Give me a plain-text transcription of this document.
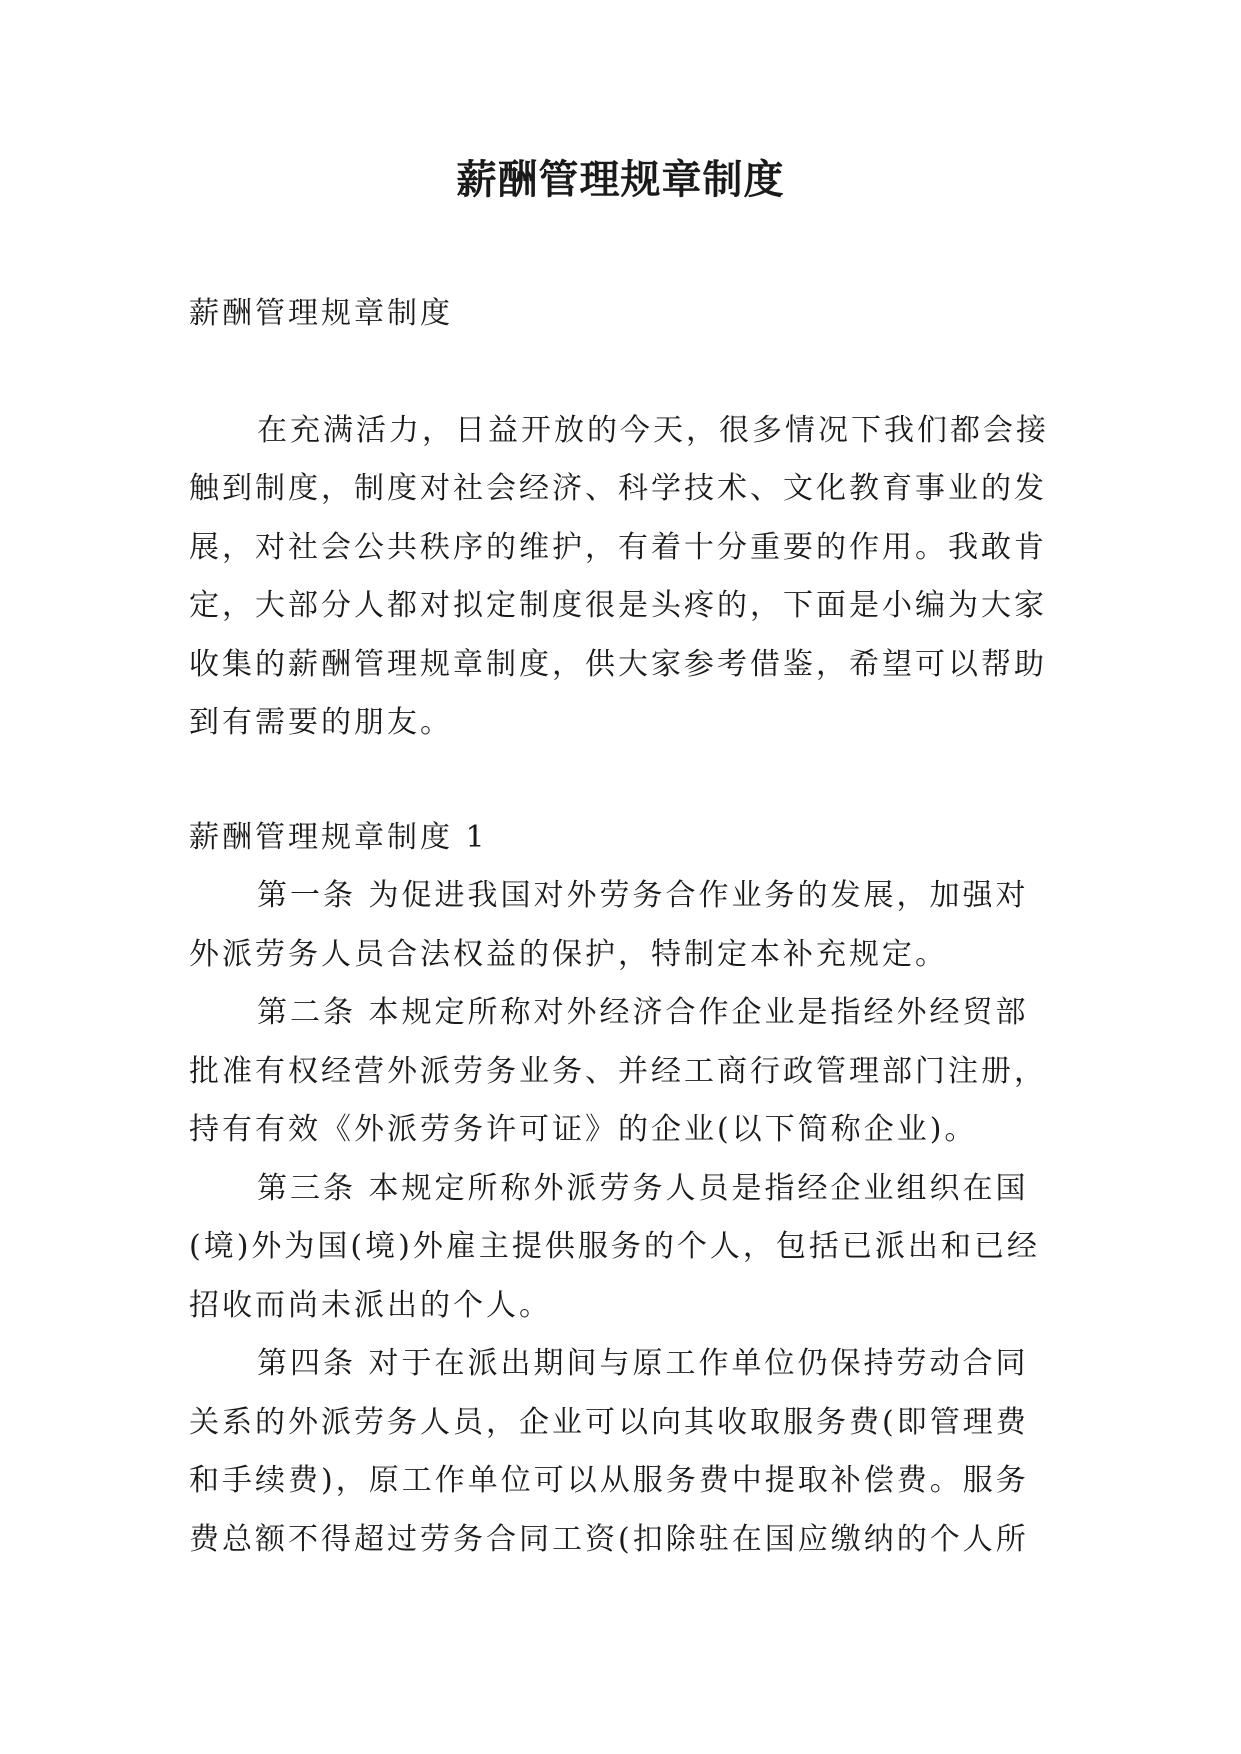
薪酬管理规章制度

薪酬管理规章制度

在充满活力，日益开放的今天，很多情况下我们都会接

触到制度，制度对社会经济、科学技术、文化教育事业的发

展，对社会公共秩序的维护，有着十分重要的作用。我敢肯

定，大部分人都对拟定制度很是头疼的，下面是小编为大家

收集的薪酬管理规章制度，供大家参考借鉴，希望可以帮助

到有需要的朋友。

薪酬管理规章制度 1

第一条 为促进我国对外劳务合作业务的发展，加强对

外派劳务人员合法权益的保护，特制定本补充规定。

第二条 本规定所称对外经济合作企业是指经外经贸部

批准有权经营外派劳务业务、并经工商行政管理部门注册，

持有有效《外派劳务许可证》的企业(以下简称企业)。

第三条 本规定所称外派劳务人员是指经企业组织在国

(境)外为国(境)外雇主提供服务的个人，包括已派出和已经

招收而尚未派出的个人。

第四条 对于在派出期间与原工作单位仍保持劳动合同

关系的外派劳务人员，企业可以向其收取服务费(即管理费

和手续费)，原工作单位可以从服务费中提取补偿费。服务

费总额不得超过劳务合同工资(扣除驻在国应缴纳的个人所
